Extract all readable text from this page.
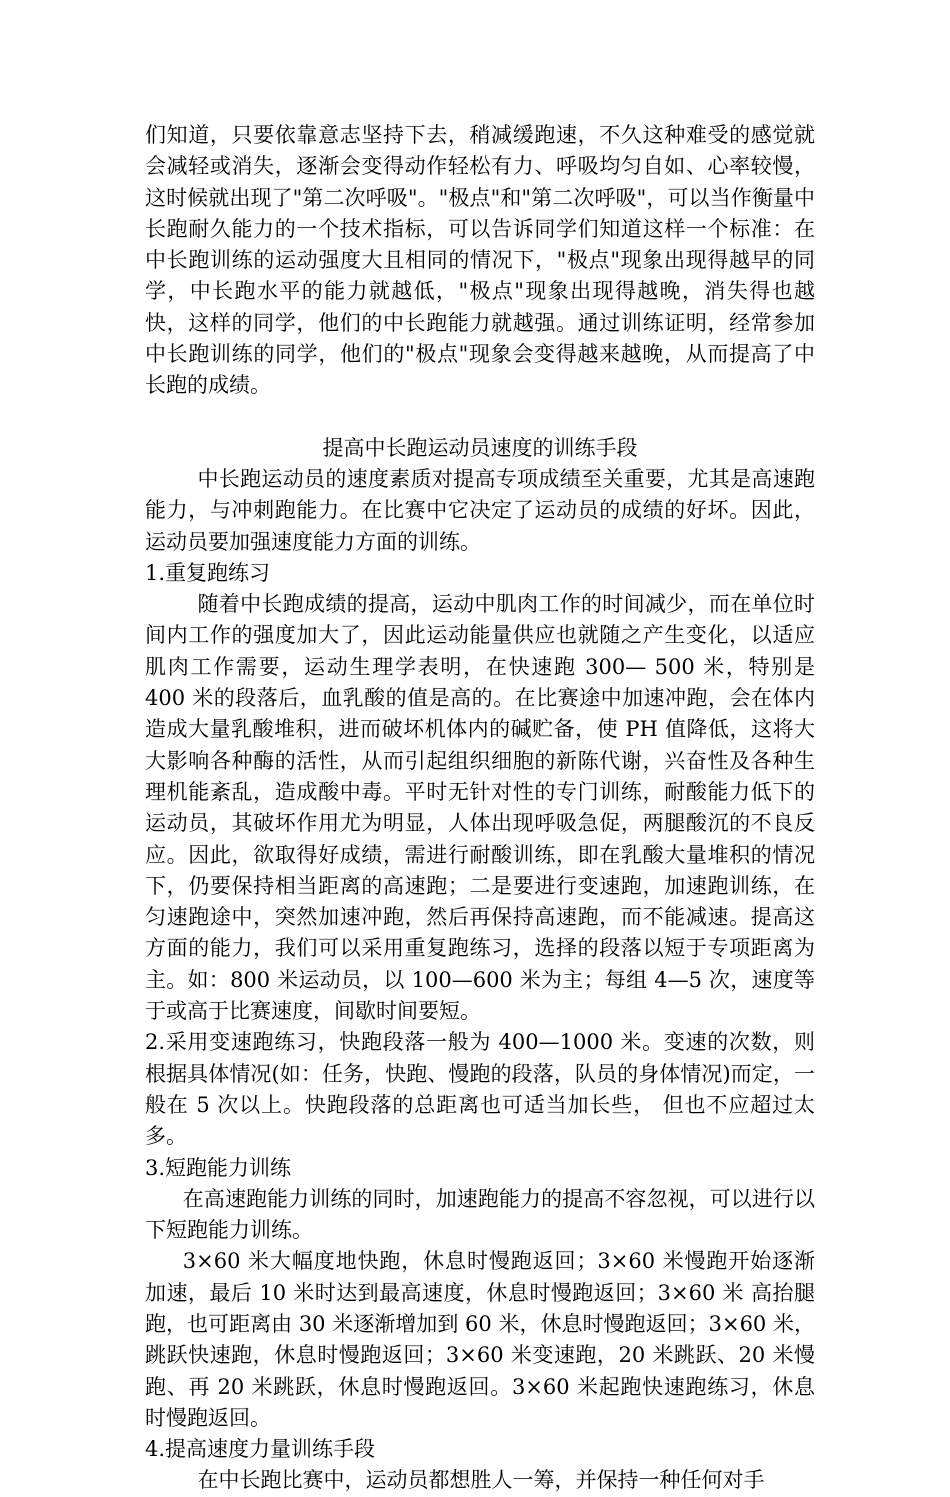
们知道，只要依靠意志坚持下去，稍减缓跑速，不久这种难受的感觉就会减轻或消失，逐渐会变得动作轻松有力、呼吸均匀自如、心率较慢，这时候就出现了"第二次呼吸"。"极点"和"第二次呼吸"，可以当作衡量中长跑耐久能力的一个技术指标，可以告诉同学们知道这样一个标准：在中长跑训练的运动强度大且相同的情况下，"极点"现象出现得越早的同学，中长跑水平的能力就越低，"极点"现象出现得越晚，消失得也越快，这样的同学，他们的中长跑能力就越强。通过训练证明，经常参加中长跑训练的同学，他们的"极点"现象会变得越来越晚，从而提高了中长跑的成绩。

提高中长跑运动员速度的训练手段

中长跑运动员的速度素质对提高专项成绩至关重要，尤其是高速跑能力，与冲刺跑能力。在比赛中它决定了运动员的成绩的好坏。因此，运动员要加强速度能力方面的训练。

1.重复跑练习

随着中长跑成绩的提高，运动中肌肉工作的时间减少，而在单位时间内工作的强度加大了，因此运动能量供应也就随之产生变化，以适应肌肉工作需要，运动生理学表明，在快速跑 300— 500 米，特别是 400 米的段落后，血乳酸的值是高的。在比赛途中加速冲跑，会在体内造成大量乳酸堆积，进而破坏机体内的碱贮备，使 PH 值降低，这将大大影响各种酶的活性，从而引起组织细胞的新陈代谢，兴奋性及各种生理机能紊乱，造成酸中毒。平时无针对性的专门训练，耐酸能力低下的运动员，其破坏作用尤为明显，人体出现呼吸急促，两腿酸沉的不良反应。因此，欲取得好成绩，需进行耐酸训练，即在乳酸大量堆积的情况下，仍要保持相当距离的高速跑；二是要进行变速跑，加速跑训练，在匀速跑途中，突然加速冲跑，然后再保持高速跑，而不能减速。提高这方面的能力，我们可以采用重复跑练习，选择的段落以短于专项距离为主。如：800 米运动员，以 100—600 米为主；每组 4—5 次，速度等于或高于比赛速度，间歇时间要短。

2.采用变速跑练习，快跑段落一般为 400—1000 米。变速的次数，则根据具体情况(如：任务，快跑、慢跑的段落，队员的身体情况)而定，一般在 5 次以上。快跑段落的总距离也可适当加长些， 但也不应超过太多。

3.短跑能力训练

在高速跑能力训练的同时，加速跑能力的提高不容忽视，可以进行以下短跑能力训练。

3×60 米大幅度地快跑，休息时慢跑返回；3×60 米慢跑开始逐渐加速，最后 10 米时达到最高速度，休息时慢跑返回；3×60 米 高抬腿跑，也可距离由 30 米逐渐增加到 60 米，休息时慢跑返回；3×60 米，跳跃快速跑，休息时慢跑返回；3×60 米变速跑，20 米跳跃、20 米慢跑、再 20 米跳跃，休息时慢跑返回。3×60 米起跑快速跑练习，休息时慢跑返回。

4.提高速度力量训练手段

在中长跑比赛中，运动员都想胜人一筹，并保持一种任何对手
